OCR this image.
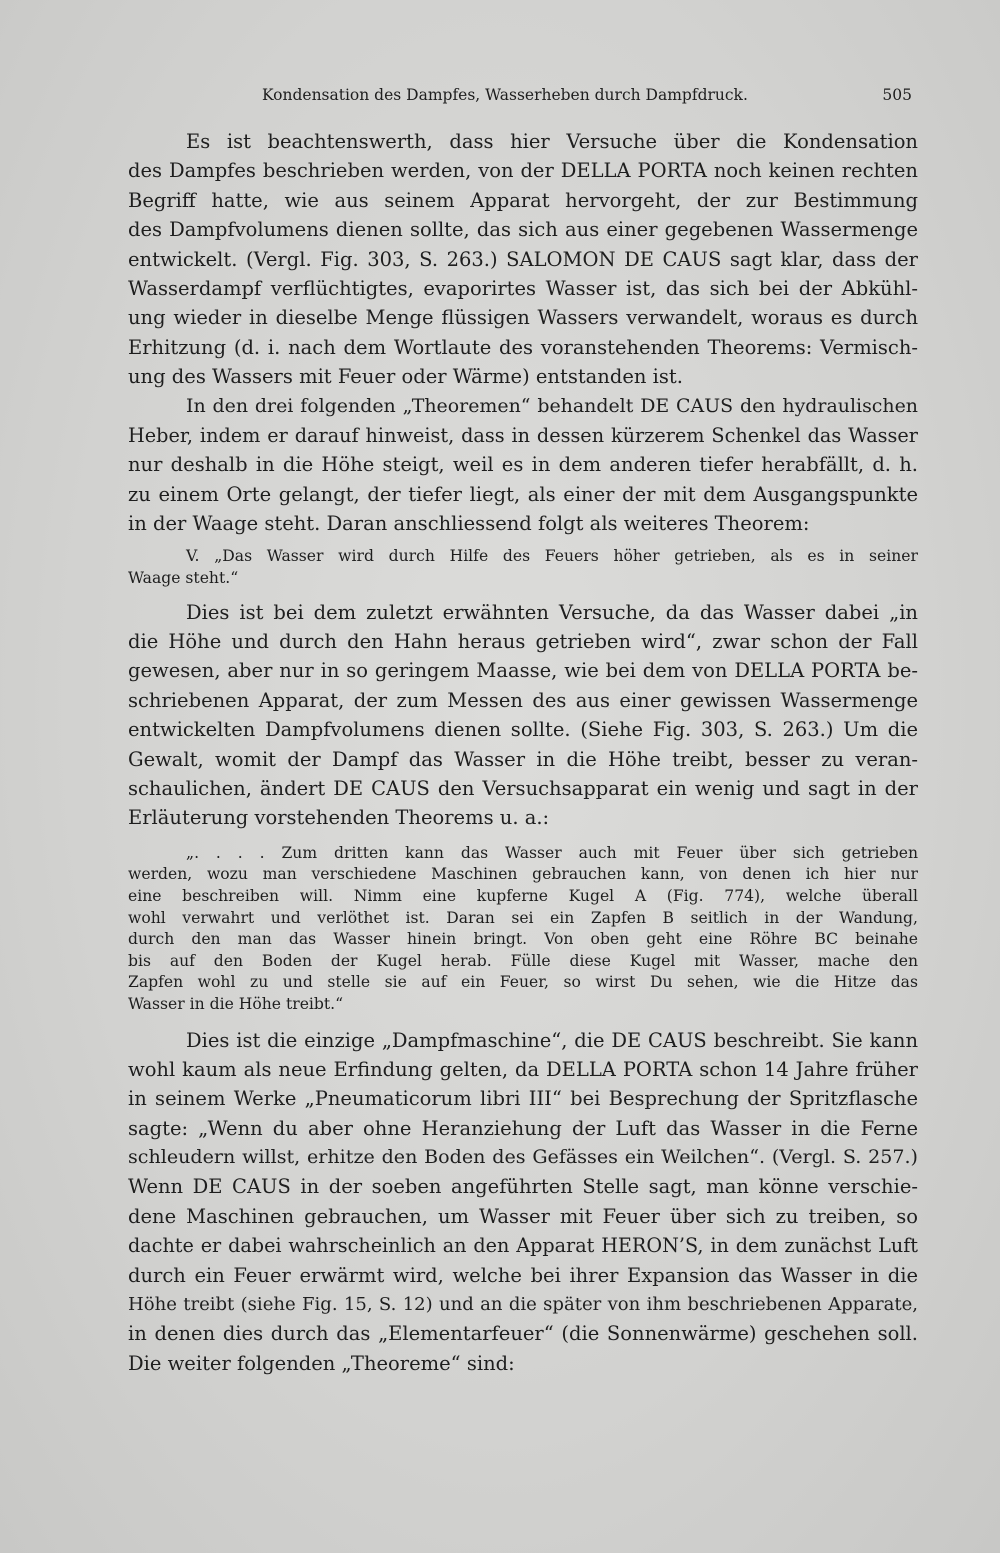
Kondensation des Dampfes, Wasserheben durch Dampfdruck.	505
Es ist beachtenswerth, dass hier Versuche über die Kondensation
des Dampfes beschrieben werden, von der DELLA PORTA noch keinen rechten
Begriff hatte, wie aus seinem Apparat hervorgeht, der zur Bestimmung
des Dampfvolumens dienen sollte, das sich aus einer gegebenen Wassermenge
entwickelt. (Vergl. Fig. 303, S. 263.) SALOMON DE CAUS sagt klar, dass der
Wasserdampf verflüchtigtes, evaporirtes Wasser ist, das sich bei der Abkühl-
ung wieder in dieselbe Menge flüssigen Wassers verwandelt, woraus es durch
Erhitzung (d. i. nach dem Wortlaute des voranstehenden Theorems: Vermisch-
ung des Wassers mit Feuer oder Wärme) entstanden ist.
In den drei folgenden „Theoremen“ behandelt DE CAUS den hydraulischen
Heber, indem er darauf hinweist, dass in dessen kürzerem Schenkel das Wasser
nur deshalb in die Höhe steigt, weil es in dem anderen tiefer herabfällt, d. h.
zu einem Orte gelangt, der tiefer liegt, als einer der mit dem Ausgangspunkte
in der Waage steht. Daran anschliessend folgt als weiteres Theorem:
V. „Das Wasser wird durch Hilfe des Feuers höher getrieben, als es in seiner
Waage steht.“
Dies ist bei dem zuletzt erwähnten Versuche, da das Wasser dabei „in
die Höhe und durch den Hahn heraus getrieben wird“, zwar schon der Fall
gewesen, aber nur in so geringem Maasse, wie bei dem von DELLA PORTA be-
schriebenen Apparat, der zum Messen des aus einer gewissen Wassermenge
entwickelten Dampfvolumens dienen sollte. (Siehe Fig. 303, S. 263.) Um die
Gewalt, womit der Dampf das Wasser in die Höhe treibt, besser zu veran-
schaulichen, ändert DE CAUS den Versuchsapparat ein wenig und sagt in der
Erläuterung vorstehenden Theorems u. a.:
„. . . . Zum dritten kann das Wasser auch mit Feuer über sich getrieben
werden, wozu man verschiedene Maschinen gebrauchen kann, von denen ich hier nur
eine beschreiben will. Nimm eine kupferne Kugel A (Fig. 774), welche überall
wohl verwahrt und verlöthet ist. Daran sei ein Zapfen B seitlich in der Wandung,
durch den man das Wasser hinein bringt. Von oben geht eine Röhre BC beinahe
bis auf den Boden der Kugel herab. Fülle diese Kugel mit Wasser, mache den
Zapfen wohl zu und stelle sie auf ein Feuer, so wirst Du sehen, wie die Hitze das
Wasser in die Höhe treibt.“
Dies ist die einzige „Dampfmaschine“, die DE CAUS beschreibt. Sie kann
wohl kaum als neue Erfindung gelten, da DELLA PORTA schon 14 Jahre früher
in seinem Werke „Pneumaticorum libri III“ bei Besprechung der Spritzflasche
sagte: „Wenn du aber ohne Heranziehung der Luft das Wasser in die Ferne
schleudern willst, erhitze den Boden des Gefässes ein Weilchen“. (Vergl. S. 257.)
Wenn DE CAUS in der soeben angeführten Stelle sagt, man könne verschie-
dene Maschinen gebrauchen, um Wasser mit Feuer über sich zu treiben, so
dachte er dabei wahrscheinlich an den Apparat HERON’S, in dem zunächst Luft
durch ein Feuer erwärmt wird, welche bei ihrer Expansion das Wasser in die
Höhe treibt (siehe Fig. 15, S. 12) und an die später von ihm beschriebenen Apparate,
in denen dies durch das „Elementarfeuer“ (die Sonnenwärme) geschehen soll.
Die weiter folgenden „Theoreme“ sind:
